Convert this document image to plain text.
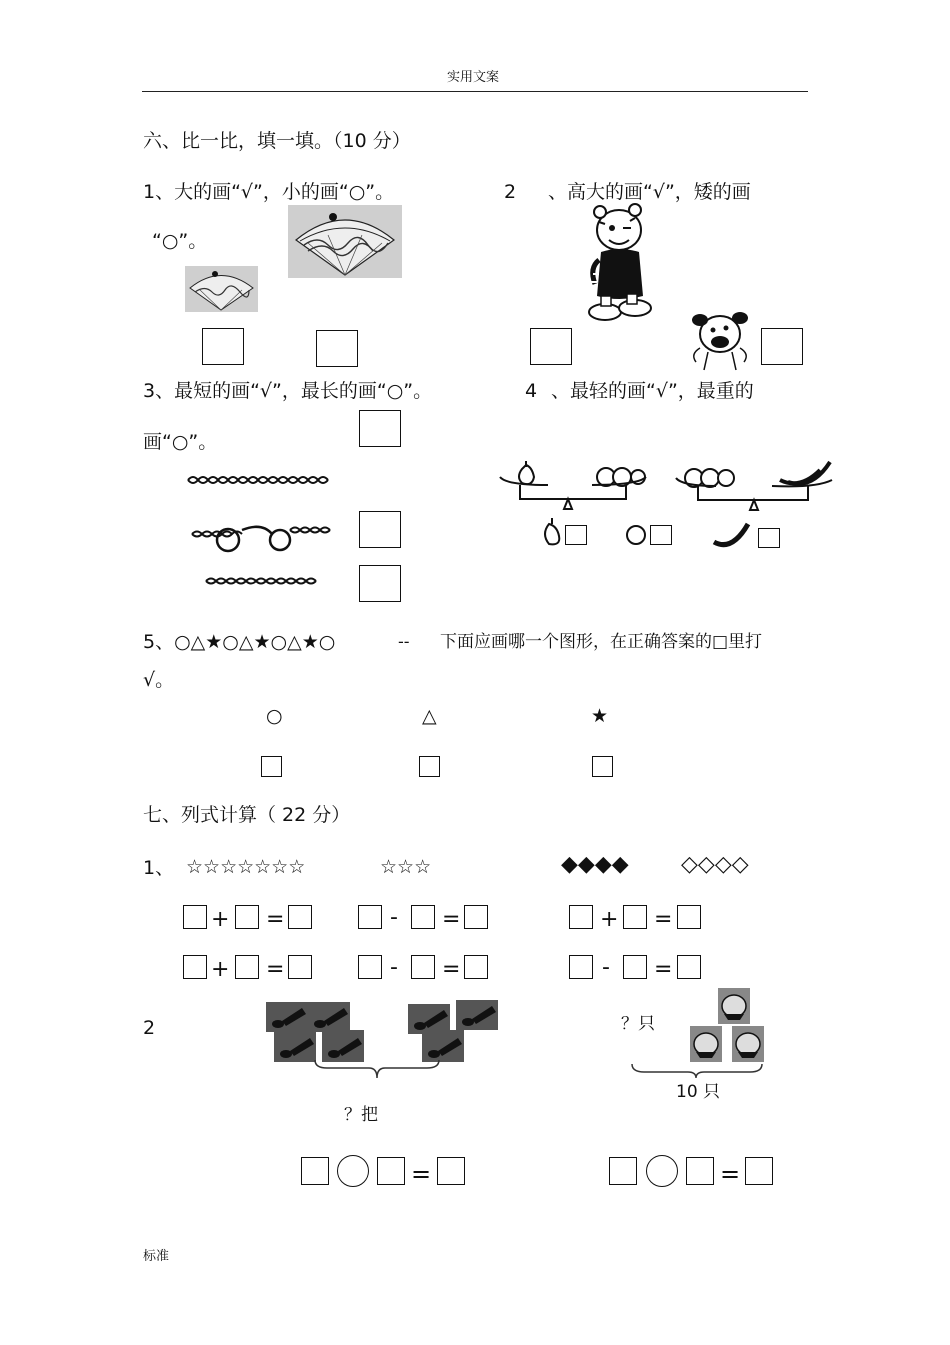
实用文案
六、比一比，填一填。（10 分）
1、大的画“√”，小的画“○”。	2 、高大的画“√”，矮的画
“○”。
3、最短的画“√”，最长的画“○”。	4 、最轻的画“√”，最重的
画“○”。
5、○△★○△★○△★○	-- 下面应画哪一个图形，在正确答案的□里打
√。
○	△	★
七、列式计算（ 22 分）
1、 ☆☆☆☆☆☆☆	☆☆☆	◆◆◆◆ ◇◇◇◇
+ =	- =	+ =
+ =	- =	- =
2
？把
？只
10 只
=	=
标准
